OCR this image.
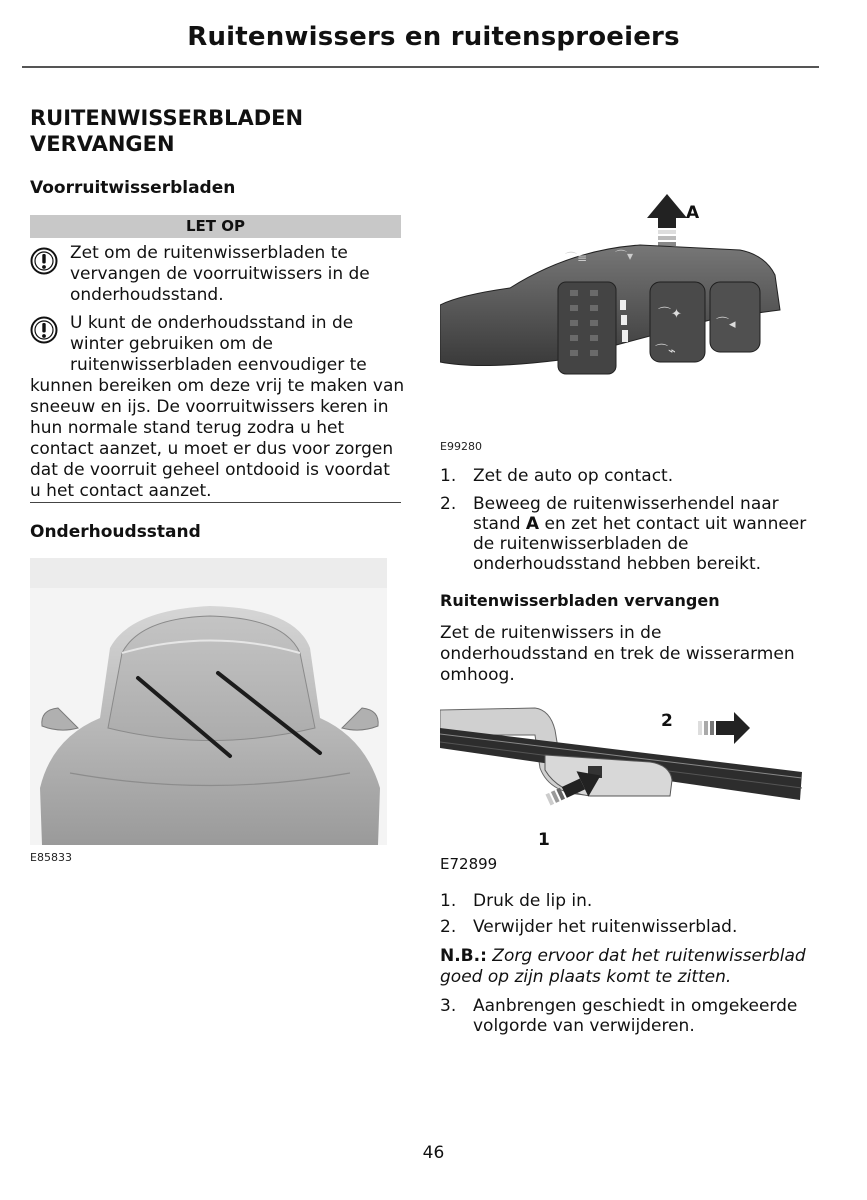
Ruitenwissers en ruitensproeiers
RUITENWISSERBLADEN
VERVANGEN
Voorruitwisserbladen
LET OP
Zet om de ruitenwisserbladen te
vervangen de voorruitwissers in de
onderhoudsstand.
U kunt de onderhoudsstand in de
winter gebruiken om de
ruitenwisserbladen eenvoudiger te
kunnen bereiken om deze vrij te maken van
sneeuw en ijs. De voorruitwissers keren in
hun normale stand terug zodra u het
contact aanzet, u moet er dus voor zorgen
dat de voorruit geheel ontdooid is voordat
u het contact aanzet.
Onderhoudsstand
E85833
⌒≡ ⌒▾
⌒✦
⌒⌁
⌒◂
A
E99280
1. Zet de auto op contact.
2. Beweeg de ruitenwisserhendel naar stand A en zet het contact uit wanneer de ruitenwisserbladen de onderhoudsstand hebben bereikt.
Ruitenwisserbladen vervangen
Zet de ruitenwissers in de
onderhoudsstand en trek de wisserarmen
omhoog.
2
1
E72899
1. Druk de lip in.
2. Verwijder het ruitenwisserblad.
N.B.: Zorg ervoor dat het ruitenwisserblad
goed op zijn plaats komt te zitten.
3. Aanbrengen geschiedt in omgekeerde volgorde van verwijderen.
46
